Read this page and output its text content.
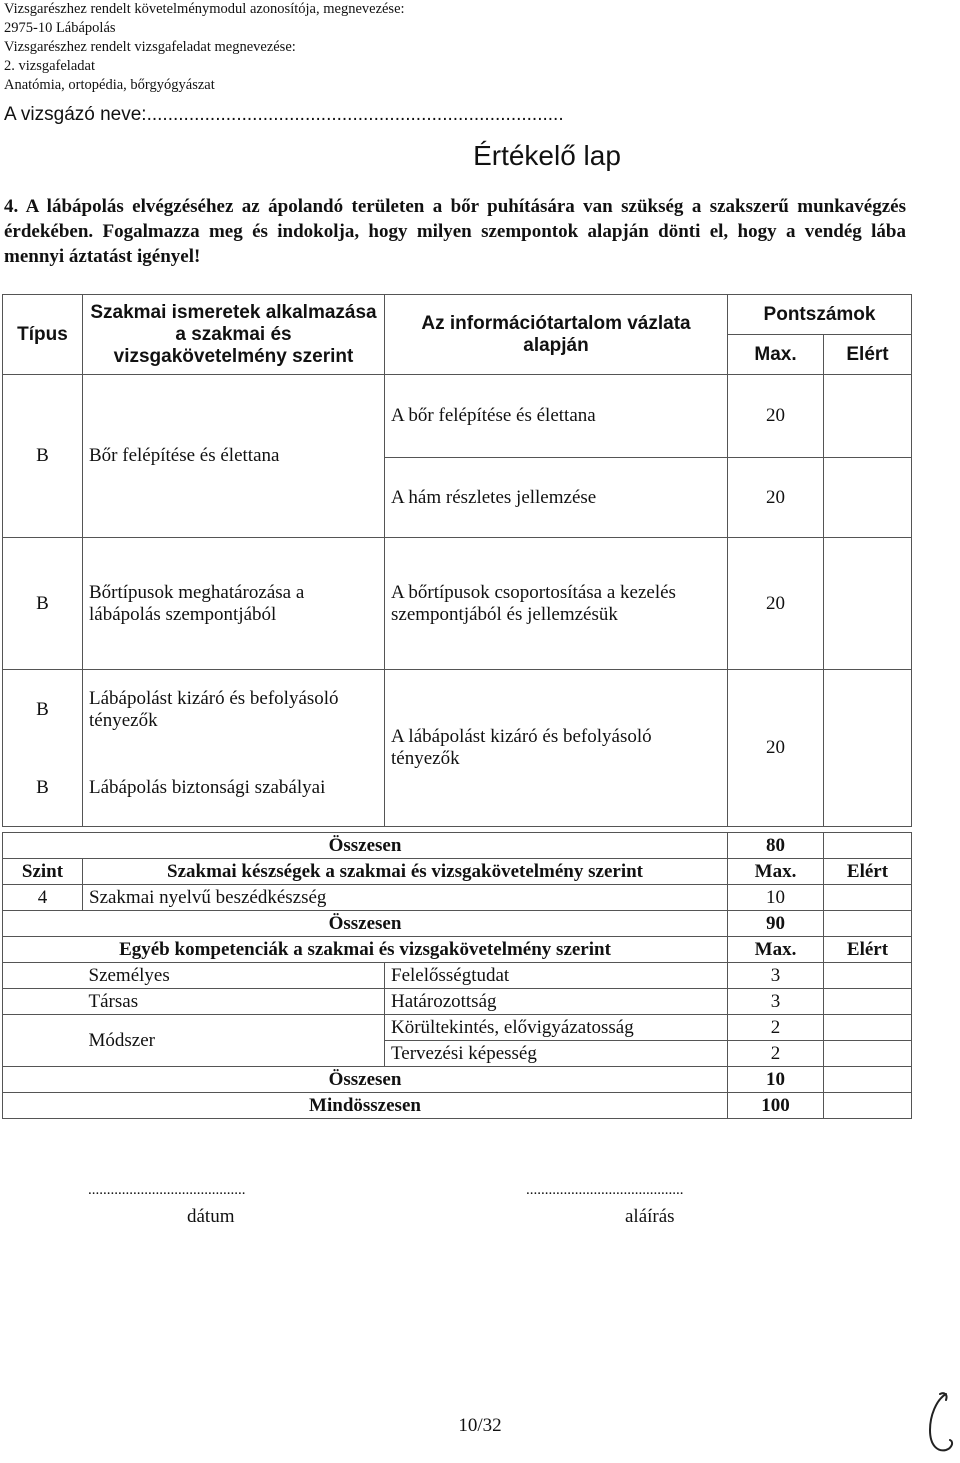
Vizsgarészhez rendelt követelménymodul azonosítója, megnevezése:
2975-10 Lábápolás
Vizsgarészhez rendelt vizsgafeladat megnevezése:
2. vizsgafeladat
Anatómia, ortopédia, bőrgyógyászat
A vizsgázó neve:...............................................................................
Értékelő lap
4. A lábápolás elvégzéséhez az ápolandó területen a bőr puhítására van szükség a szakszerű munkavégzés érdekében. Fogalmazza meg és indokolja, hogy milyen szempontok alapján dönti el, hogy a vendég lába mennyi áztatást igényel!
Típus	Szakmai ismeretek alkalmazása a szakmai és vizsgakövetelmény szerint	Az információtartalom vázlata alapján	Pontszámok	
			Max.	Elért
B	Bőr felépítése és élettana	A bőr felépítése és élettana	20	
		A hám részletes jellemzése	20	
B	Bőrtípusok meghatározása a lábápolás szempontjából	A bőrtípusok csoportosítása a kezelés szempontjából és jellemzésük	20	
B	Lábápolást kizáró és befolyásoló tényezők	A lábápolást kizáró és befolyásoló tényezők	20	
B	Lábápolás biztonsági szabályai			
Összesen			80	
Szint	Szakmai készségek a szakmai és vizsgakövetelmény szerint		Max.	Elért
4	Szakmai nyelvű beszédkészség		10	
Összesen			90	
Egyéb kompetenciák a szakmai és vizsgakövetelmény szerint			Max.	Elért
	Személyes	Felelősségtudat	3	
	Társas	Határozottság	3	
	Módszer	Körültekintés, elővigyázatosság	2	
		Tervezési képesség	2	
Összesen			10	
Mindösszesen			100	
..........................................
dátum
..........................................
aláírás
10/32
